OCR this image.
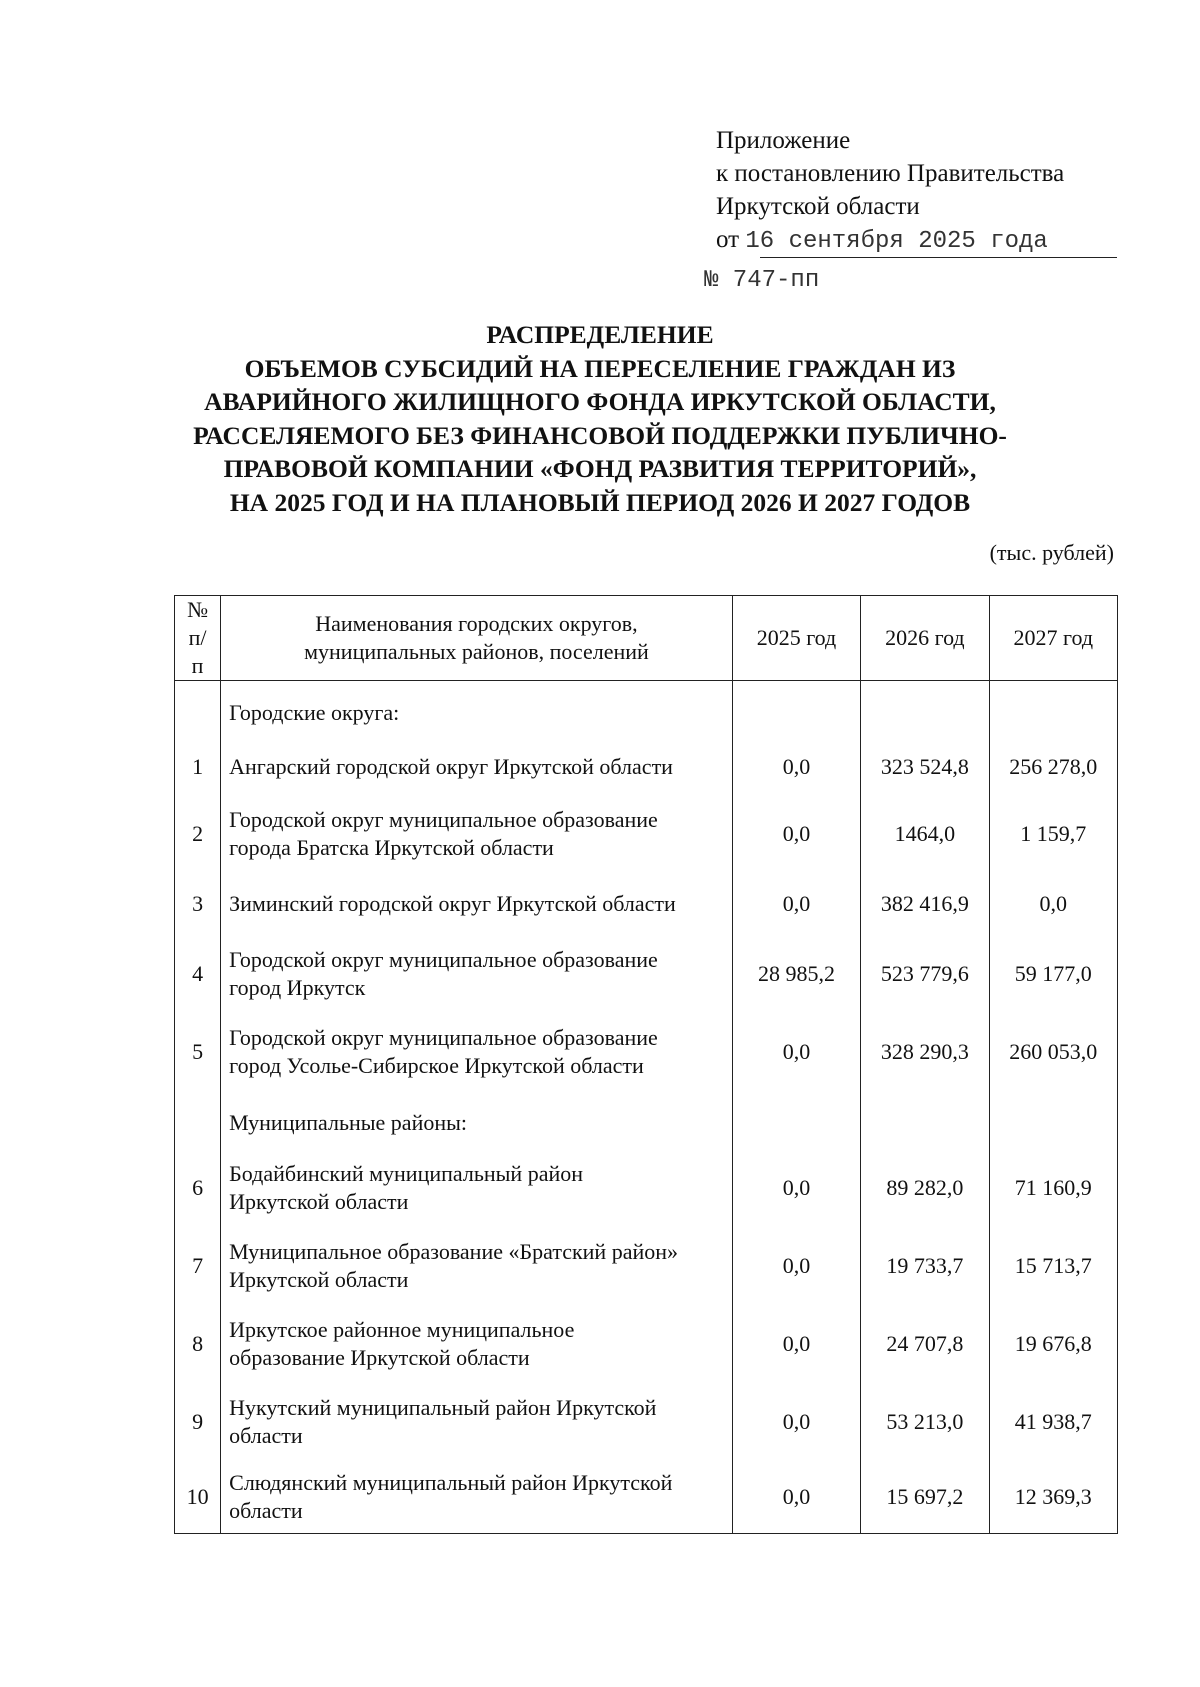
Приложение
к постановлению Правительства
Иркутской области
от 16 сентября 2025 года
№ 747-пп
РАСПРЕДЕЛЕНИЕ
ОБЪЕМОВ СУБСИДИЙ НА ПЕРЕСЕЛЕНИЕ ГРАЖДАН ИЗ
АВАРИЙНОГО ЖИЛИЩНОГО ФОНДА ИРКУТСКОЙ ОБЛАСТИ,
РАССЕЛЯЕМОГО БЕЗ ФИНАНСОВОЙ ПОДДЕРЖКИ ПУБЛИЧНО-
ПРАВОВОЙ КОМПАНИИ «ФОНД РАЗВИТИЯ ТЕРРИТОРИЙ»,
НА 2025 ГОД И НА ПЛАНОВЫЙ ПЕРИОД 2026 И 2027 ГОДОВ
(тыс. рублей)
№
п/п	Наименования городских округов,
муниципальных районов, поселений	2025 год	2026 год	2027 год
	Городские округа:			
1	Ангарский городской округ Иркутской области	0,0	323 524,8	256 278,0
2	Городской округ муниципальное образование
города Братска Иркутской области	0,0	1464,0	1 159,7
3	Зиминский городской округ Иркутской области	0,0	382 416,9	0,0
4	Городской округ муниципальное образование
город Иркутск	28 985,2	523 779,6	59 177,0
5	Городской округ муниципальное образование
город Усолье-Сибирское Иркутской области	0,0	328 290,3	260 053,0
	Муниципальные районы:			
6	Бодайбинский муниципальный район
Иркутской области	0,0	89 282,0	71 160,9
7	Муниципальное образование «Братский район»
Иркутской области	0,0	19 733,7	15 713,7
8	Иркутское районное муниципальное
образование Иркутской области	0,0	24 707,8	19 676,8
9	Нукутский муниципальный район Иркутской
области	0,0	53 213,0	41 938,7
10	Слюдянский муниципальный район Иркутской
области	0,0	15 697,2	12 369,3
